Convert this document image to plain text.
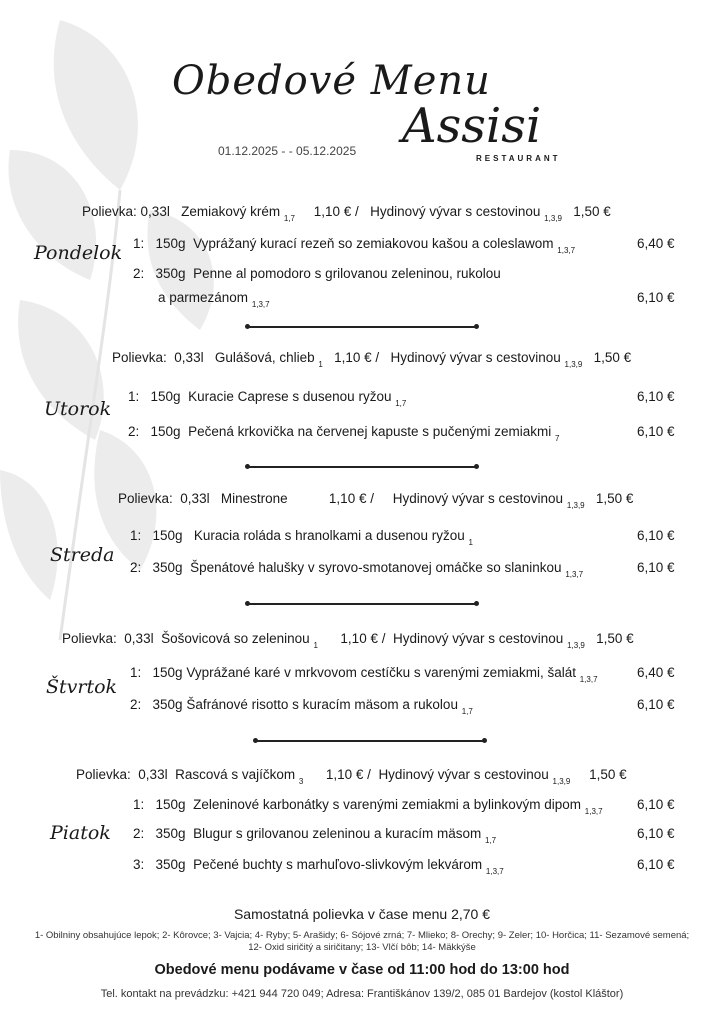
Obedové Menu
Assisi
RESTAURANT
01.12.2025 - - 05.12.2025
Pondelok
Polievka: 0,33l Zemiakový krém $_{1,7}$ 1,10 € / Hydinový vývar s cestovinou $_{1,3,9}$ 1,50 €
1: 150g Vyprážaný kurací rezeň so zemiakovou kašou a coleslawom $_{1,3,7}$	6,40 €
2: 350g Penne al pomodoro s grilovanou zeleninou, rukolou
a parmezánom $_{1,3,7}$	6,10 €
Utorok
Polievka: 0,33l Gulášová, chlieb $_1$ 1,10 € / Hydinový vývar s cestovinou $_{1,3,9}$ 1,50 €
1: 150g Kuracie Caprese s dusenou ryžou $_{1,7}$	6,10 €
2: 150g Pečená krkovička na červenej kapuste s pučenými zemiakmi $_7$	6,10 €
Streda
Polievka: 0,33l Minestrone	1,10 € / Hydinový vývar s cestovinou $_{1,3,9}$ 1,50 €
1: 150g Kuracia roláda s hranolkami a dusenou ryžou $_1$	6,10 €
2: 350g Špenátové halušky v syrovo-smotanovej omáčke so slaninkou $_{1,3,7}$	6,10 €
Štvrtok
Polievka: 0,33l Šošovicová so zeleninou $_1$ 1,10 € / Hydinový vývar s cestovinou $_{1,3,9}$ 1,50 €
1: 150g Vyprážané karé v mrkvovom cestíčku s varenými zemiakmi, šalát $_{1,3,7}$	6,40 €
2: 350g Šafránové risotto s kuracím mäsom a rukolou $_{1,7}$	6,10 €
Piatok
Polievka: 0,33l Rascová s vajíčkom $_3$ 1,10 € / Hydinový vývar s cestovinou $_{1,3,9}$ 1,50 €
1: 150g Zeleninové karbonátky s varenými zemiakmi a bylinkovým dipom $_{1,3,7}$	6,10 €
2: 350g Blugur s grilovanou zeleninou a kuracím mäsom $_{1,7}$	6,10 €
3: 350g Pečené buchty s marhuľovo-slivkovým lekvárom $_{1,3,7}$	6,10 €
Samostatná polievka v čase menu 2,70 €
1- Obilniny obsahujúce lepok; 2- Kôrovce; 3- Vajcia; 4- Ryby; 5- Arašidy; 6- Sójové zrná; 7- Mlieko; 8- Orechy; 9- Zeler; 10- Horčica; 11- Sezamové semená; 12- Oxid siričitý a siričitany; 13- Vlčí bôb; 14- Mäkkýše
Obedové menu podávame v čase od 11:00 hod do 13:00 hod
Tel. kontakt na prevádzku: +421 944 720 049; Adresa: Františkánov 139/2, 085 01 Bardejov (kostol Kláštor)
